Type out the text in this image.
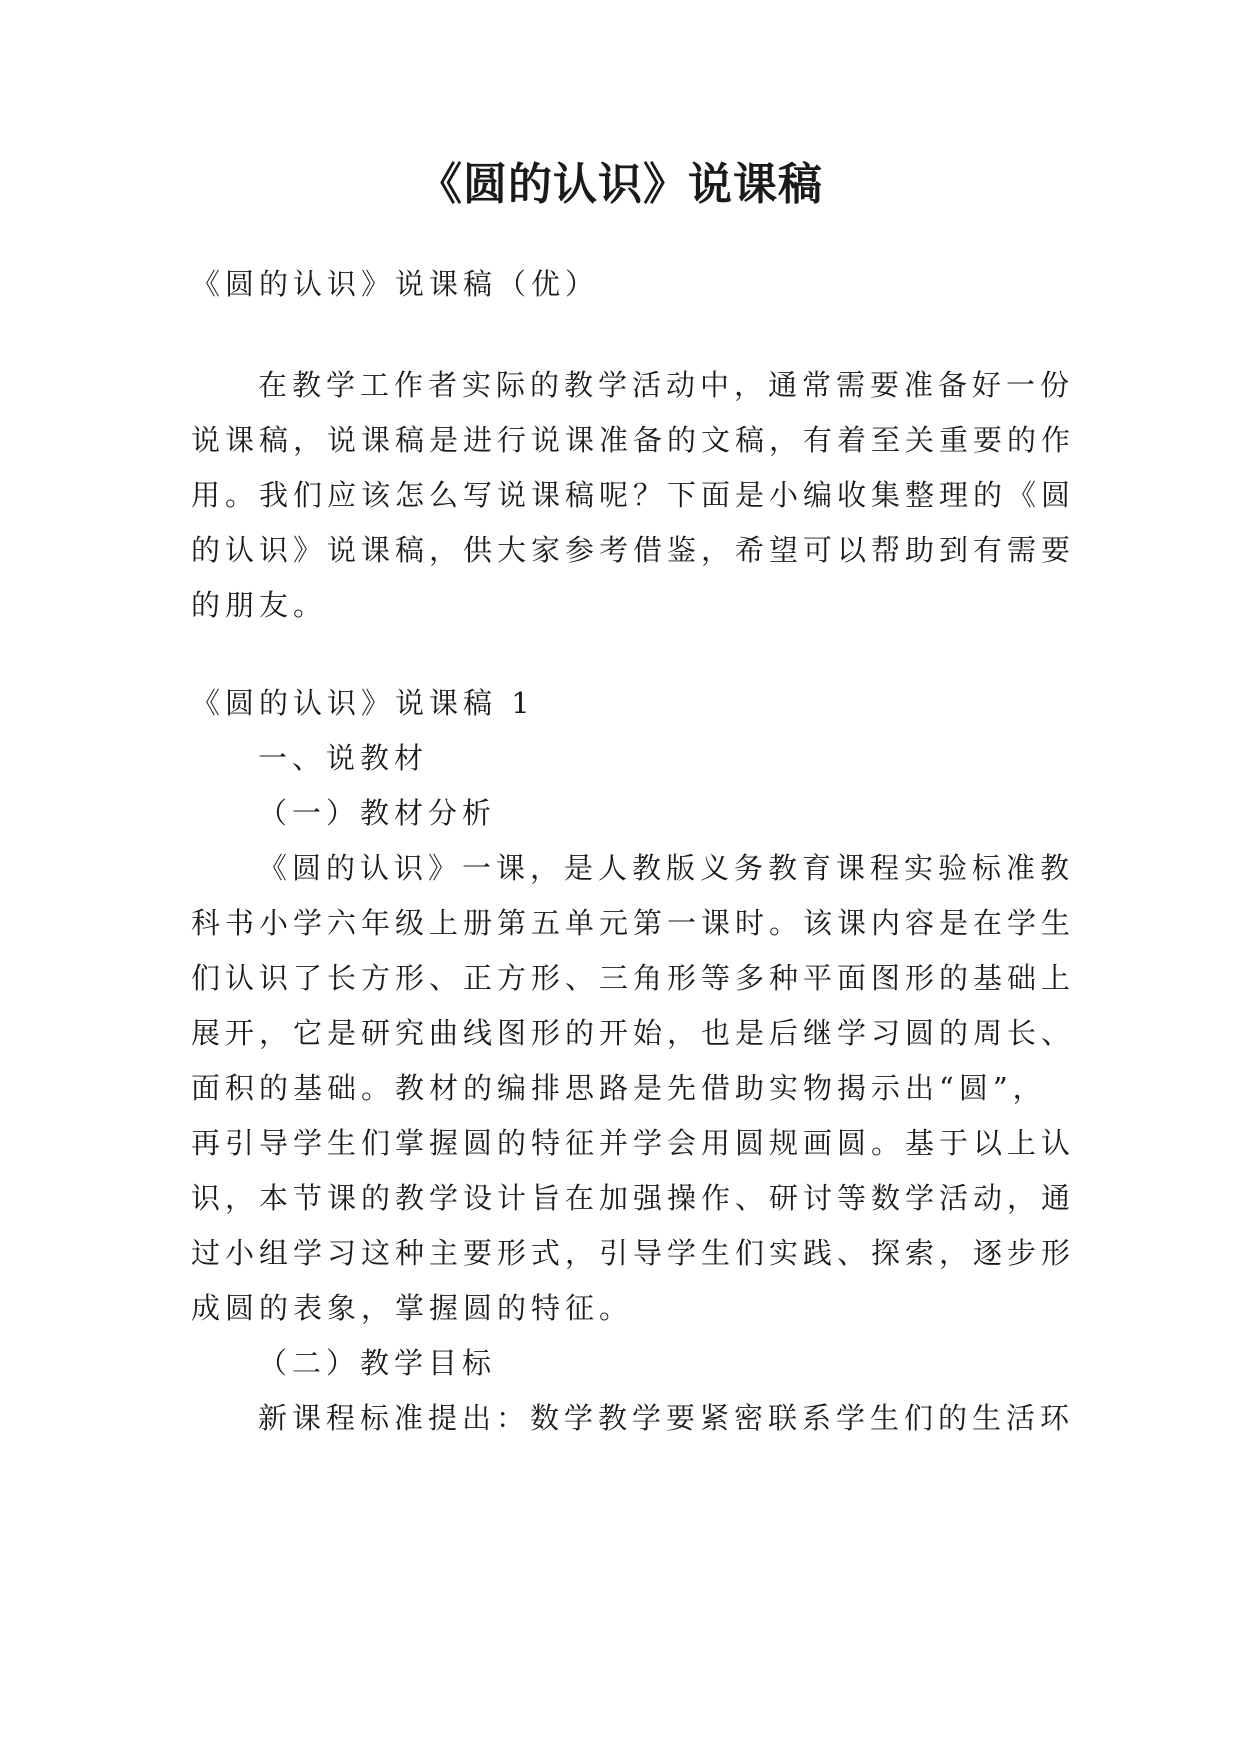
《圆的认识》说课稿
《圆的认识》说课稿（优）
在教学工作者实际的教学活动中，通常需要准备好一份
说课稿，说课稿是进行说课准备的文稿，有着至关重要的作
用。我们应该怎么写说课稿呢？下面是小编收集整理的《圆
的认识》说课稿，供大家参考借鉴，希望可以帮助到有需要
的朋友。
《圆的认识》说课稿 1
一、说教材
（一）教材分析
《圆的认识》一课，是人教版义务教育课程实验标准教
科书小学六年级上册第五单元第一课时。该课内容是在学生
们认识了长方形、正方形、三角形等多种平面图形的基础上
展开，它是研究曲线图形的开始，也是后继学习圆的周长、
面积的基础。教材的编排思路是先借助实物揭示出“圆”，
再引导学生们掌握圆的特征并学会用圆规画圆。基于以上认
识，本节课的教学设计旨在加强操作、研讨等数学活动，通
过小组学习这种主要形式，引导学生们实践、探索，逐步形
成圆的表象，掌握圆的特征。
（二）教学目标
新课程标准提出：数学教学要紧密联系学生们的生活环
